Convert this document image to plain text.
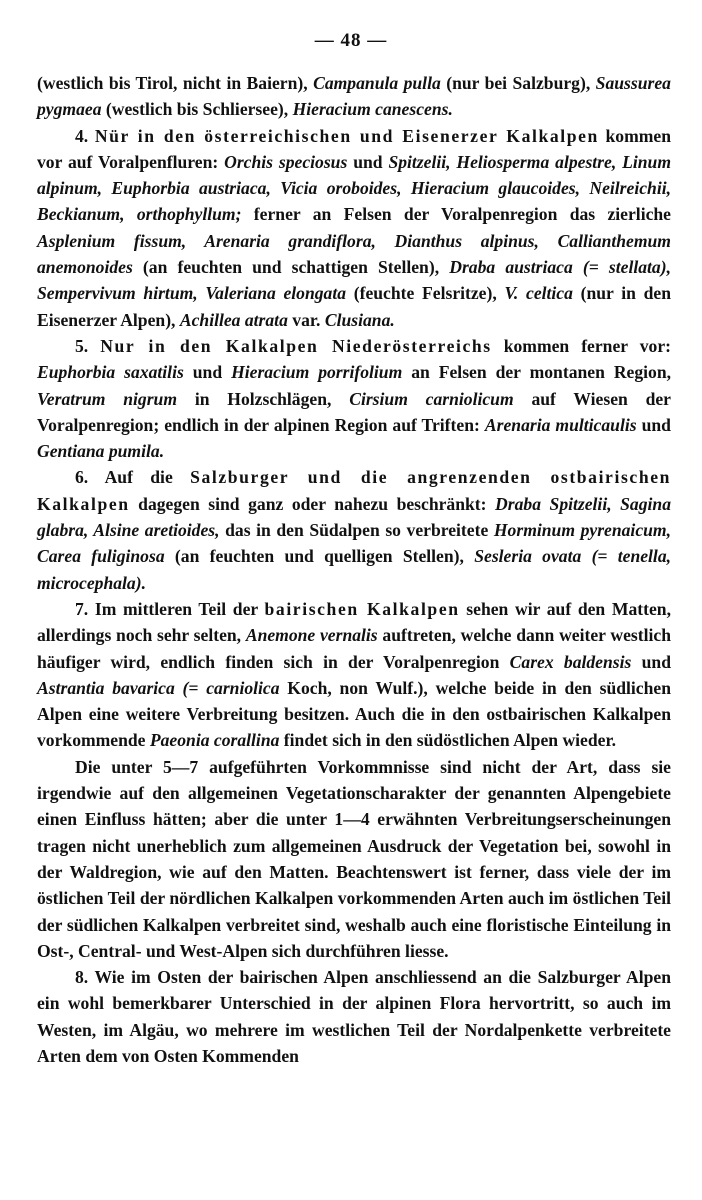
— 48 —

(westlich bis Tirol, nicht in Baiern), Campanula pulla (nur bei Salzburg), Saussurea pygmaea (westlich bis Schliersee), Hieracium canescens.

4. Nür in den österreichischen und Eisenerzer Kalkalpen kommen vor auf Voralpenfluren: Orchis speciosus und Spitzelii, Heliosperma alpestre, Linum alpinum, Euphorbia austriaca, Vicia oroboides, Hieracium glaucoides, Neilreichii, Beckianum, orthophyllum; ferner an Felsen der Voralpenregion das zierliche Asplenium fissum, Arenaria grandiflora, Dianthus alpinus, Callianthemum anemonoides (an feuchten und schattigen Stellen), Draba austriaca (= stellata), Sempervivum hirtum, Valeriana elongata (feuchte Felsritze), V. celtica (nur in den Eisenerzer Alpen), Achillea atrata var. Clusiana.

5. Nur in den Kalkalpen Niederösterreichs kommen ferner vor: Euphorbia saxatilis und Hieracium porrifolium an Felsen der montanen Region, Veratrum nigrum in Holzschlägen, Cirsium carniolicum auf Wiesen der Voralpenregion; endlich in der alpinen Region auf Triften: Arenaria multicaulis und Gentiana pumila.

6. Auf die Salzburger und die angrenzenden ostbairischen Kalkalpen dagegen sind ganz oder nahezu beschränkt: Draba Spitzelii, Sagina glabra, Alsine aretioides, das in den Südalpen so verbreitete Horminum pyrenaicum, Carea fuliginosa (an feuchten und quelligen Stellen), Sesleria ovata (= tenella, microcephala).

7. Im mittleren Teil der bairischen Kalkalpen sehen wir auf den Matten, allerdings noch sehr selten, Anemone vernalis auftreten, welche dann weiter westlich häufiger wird, endlich finden sich in der Voralpenregion Carex baldensis und Astrantia bavarica (= carniolica Koch, non Wulf.), welche beide in den südlichen Alpen eine weitere Verbreitung besitzen. Auch die in den ostbairischen Kalkalpen vorkommende Paeonia corallina findet sich in den südöstlichen Alpen wieder.

Die unter 5—7 aufgeführten Vorkommnisse sind nicht der Art, dass sie irgendwie auf den allgemeinen Vegetationscharakter der genannten Alpengebiete einen Einfluss hätten; aber die unter 1—4 erwähnten Verbreitungserscheinungen tragen nicht unerheblich zum allgemeinen Ausdruck der Vegetation bei, sowohl in der Waldregion, wie auf den Matten. Beachtenswert ist ferner, dass viele der im östlichen Teil der nördlichen Kalkalpen vorkommenden Arten auch im östlichen Teil der südlichen Kalkalpen verbreitet sind, weshalb auch eine floristische Einteilung in Ost-, Central- und West-Alpen sich durchführen liesse.

8. Wie im Osten der bairischen Alpen anschliessend an die Salzburger Alpen ein wohl bemerkbarer Unterschied in der alpinen Flora hervortritt, so auch im Westen, im Algäu, wo mehrere im westlichen Teil der Nordalpenkette verbreitete Arten dem von Osten Kommenden
